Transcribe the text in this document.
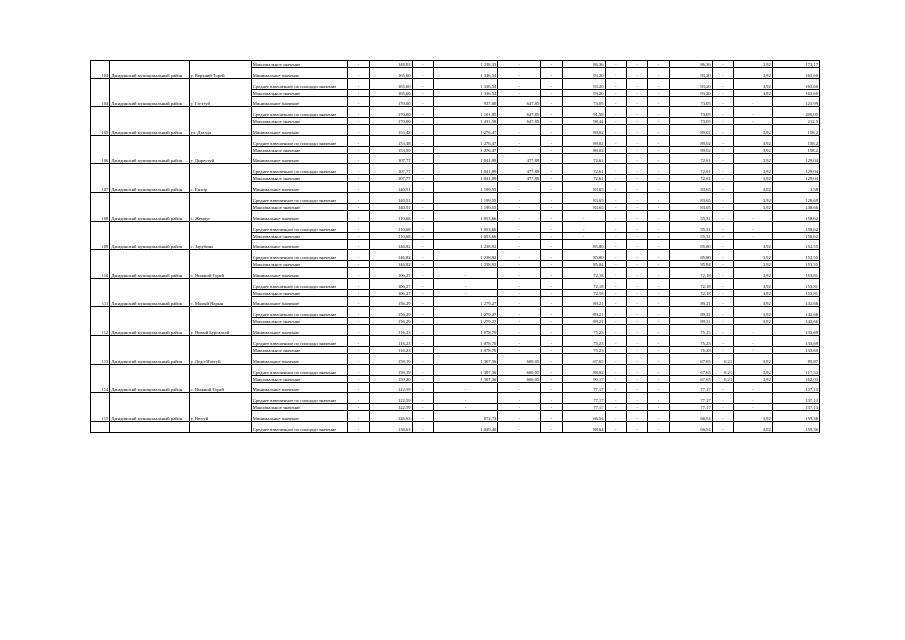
			Максимальное значение	-	148,03	-	1 238,33	-	-	86,36	-	-	-	86,36	-	3,92	173,17
103	Джидинский муниципальный район	у. Верхний Торей	Минимальное значение	-	165,60	-	1 336,54	-	-	93,20	-	-	-	93,20	-	3,92	165,60
			Среднее взвешенное по площади значение	-	165,60	-	1 336,54	-	-	93,20	-	-	-	93,20	-	3,92	165,60
			Максимальное значение	-	165,60	-	1 336,54	-	-	93,20	-	-	-	93,20	-	3,92	165,60
104	Джидинский муниципальный район	у. Гэгэтуй	Минимальное значение	-	170,00	-	937,00	647,85	-	73,05	-	-	-	73,05	-	-	123,99
			Среднее взвешенное по площади значение	-	170,00	-	1 101,85	647,85	-	91,58	-	-	-	73,05	-	-	209,05
			Максимальное значение	-	170,00	-	1 431,58	647,85	-	98,44	-	-	-	73,05	-	-	212,5
105	Джидинский муниципальный район	ул. Дзелда	Минимальное значение	-	153,48	-	1 276,47	-	-	89,02	-	-	-	89,02	-	3,92	158,2
			Среднее взвешенное по площади значение	-	153,48	-	1 276,47	-	-	89,02	-	-	-	89,02	-	3,92	158,2
			Максимальное значение	-	153,59	-	1 276,47	-	-	89,02	-	-	-	89,02	-	3,92	158,2
106	Джидинский муниципальный район	у. Дырестуй	Минимальное значение	-	107,77	-	1 041,89	477,89	-	72,61	-	-	-	72,61	-	3,92	129,04
			Среднее взвешенное по площади значение	-	107,77	-	1 041,89	477,89	-	72,61	-	-	-	72,61	-	3,92	129,04
			Максимальное значение	-	107,77	-	1 041,89	477,89	-	72,61	-	-	-	72,61	-	3,92	129,04
107	Джидинский муниципальный район	с. Енхор	Минимальное значение	-	140,51	-	1 199,55	-	-	83,65	-	-	-	83,65	-	3,92	3,38
			Среднее взвешенное по площади значение	-	140,51	-	1 199,55	-	-	83,65	-	-	-	83,65	-	3,92	128,69
			Максимальное значение	-	140,51	-	1 199,55	-	-	83,65	-	-	-	83,65	-	3,92	148,66
108	Джидинский муниципальный район	с. Жемчуг	Минимальное значение	-	110,68	-	1 053,66	-	-	-	-	-	-	55,31	-	-	158,62
			Среднее взвешенное по площади значение	-	110,68	-	1 053,66	-	-	-	-	-	-	55,31	-	-	158,62
			Максимальное значение	-	110,68	-	1 053,66	-	-	-	-	-	-	55,31	-	-	158,62
109	Джидинский муниципальный район	с. Зарубино	Минимальное значение	-	146,82	-	1 238,92	-	-	85,80	-	-	-	85,80	-	3,92	152,55
			Среднее взвешенное по площади значение	-	146,82	-	1 238,92	-	-	85,80	-	-	-	85,80	-	3,92	152,55
			Максимальное значение	-	146,82	-	1 238,92	-	-	85,84	-	-	-	85,84	-	3,92	153,55
110	Джидинский муниципальный район	с. Нижний Торей	Минимальное значение	-	106,27	-	-	-	-	72,18	-	-	-	72,18	-	3,92	153,81
			Среднее взвешенное по площади значение	-	106,27	-	-	-	-	72,18	-	-	-	72,18	-	3,92	153,81
			Максимальное значение	-	106,27	-	-	-	-	72,18	-	-	-	72,18	-	3,92	153,81
111	Джидинский муниципальный район	с. Малый Нарын	Минимальное значение	-	156,29	-	1 279,27	-	-	89,21	-	-	-	89,21	-	3,92	142,66
			Среднее взвешенное по площади значение	-	156,29	-	1 279,27	-	-	89,21	-	-	-	89,21	-	3,92	142,66
			Максимальное значение	-	156,29	-	1 279,27	-	-	89,21	-	-	-	89,21	-	3,92	142,66
112	Джидинский муниципальный район	у. Новый Бургалтай	Минимальное значение	-	116,23	-	1 078,70	-	-	75,23	-	-	-	75,23	-	-	133,69
			Среднее взвешенное по площади значение	-	116,23	-	1 078,70	-	-	75,23	-	-	-	75,23	-	-	133,69
			Максимальное значение	-	116,23	-	1 078,70	-	-	75,23	-	-	-	75,23	-	-	133,69
113	Джидинский муниципальный район	у. Додо-Ичетуй	Минимальное значение	-	159,19	-	1 307,36	600,05	-	67,65	-	-	-	67,65	0,21	3,92	85,87
			Среднее взвешенное по площади значение	-	159,19	-	1 307,36	600,05	-	88,82	-	-	-	67,65	0,21	3,92	117,53
			Максимальное значение	-	159,20	-	1 307,36	600,05	-	90,17	-	-	-	67,65	0,21	3,92	162,03
114	Джидинский муниципальный район	с. Нижний Торей	Минимальное значение	-	122,59	-	-	-	-	77,17	-	-	-	77,17	-	-	137,13
			Среднее взвешенное по площади значение	-	122,59	-	-	-	-	77,17	-	-	-	77,17	-	-	137,13
			Максимальное значение	-	122,59	-	-	-	-	77,17	-	-	-	77,17	-	-	137,13
115	Джидинский муниципальный район	у. Нюгуй	Минимальное значение	-	126,63	-	872,73	-	-	66,54	-	-	-	66,54	-	3,92	159,36
			Среднее взвешенное по площади значение	-	136,63	-	1 049,40	-	-	88,64	-	-	-	66,54	-	3,92	159,36
